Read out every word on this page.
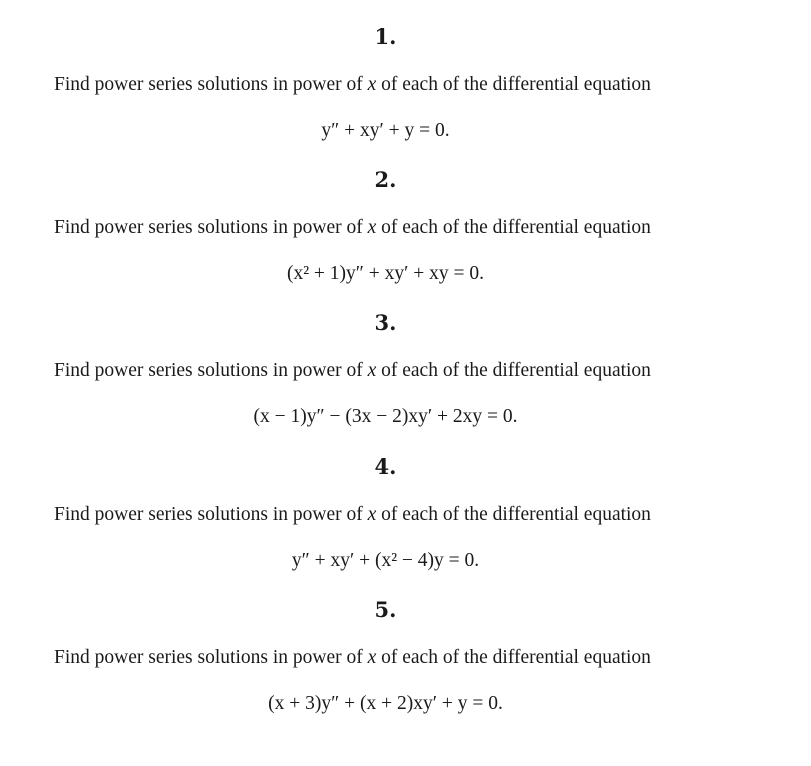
1.
Find power series solutions in power of x of each of the differential equation
y″ + xy′ + y = 0.
2.
Find power series solutions in power of x of each of the differential equation
(x² + 1)y″ + xy′ + xy = 0.
3.
Find power series solutions in power of x of each of the differential equation
(x − 1)y″ − (3x − 2)xy′ + 2xy = 0.
4.
Find power series solutions in power of x of each of the differential equation
y″ + xy′ + (x² − 4)y = 0.
5.
Find power series solutions in power of x of each of the differential equation
(x + 3)y″ + (x + 2)xy′ + y = 0.
